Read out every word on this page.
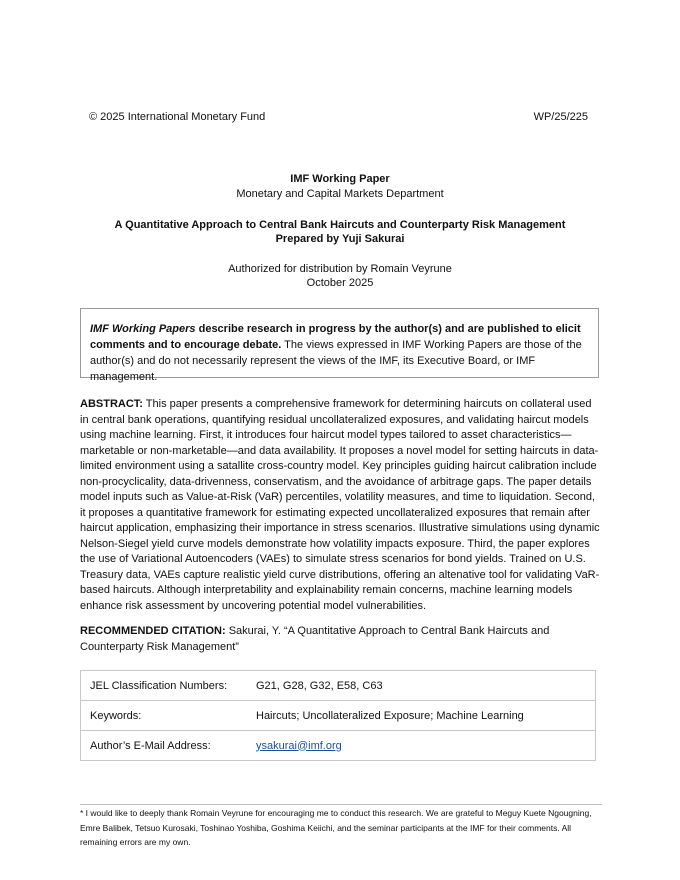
© 2025 International Monetary Fund	WP/25/225
IMF Working Paper
Monetary and Capital Markets Department
A Quantitative Approach to Central Bank Haircuts and Counterparty Risk Management
Prepared by Yuji Sakurai
Authorized for distribution by Romain Veyrune
October 2025
IMF Working Papers describe research in progress by the author(s) and are published to elicit comments and to encourage debate. The views expressed in IMF Working Papers are those of the author(s) and do not necessarily represent the views of the IMF, its Executive Board, or IMF management.
ABSTRACT: This paper presents a comprehensive framework for determining haircuts on collateral used in central bank operations, quantifying residual uncollateralized exposures, and validating haircut models using machine learning. First, it introduces four haircut model types tailored to asset characteristics—marketable or non-marketable—and data availability. It proposes a novel model for setting haircuts in data-limited environment using a satallite cross-country model. Key principles guiding haircut calibration include non-procyclicality, data-drivenness, conservatism, and the avoidance of arbitrage gaps. The paper details model inputs such as Value-at-Risk (VaR) percentiles, volatility measures, and time to liquidation. Second, it proposes a quantitative framework for estimating expected uncollateralized exposures that remain after haircut application, emphasizing their importance in stress scenarios. Illustrative simulations using dynamic Nelson-Siegel yield curve models demonstrate how volatility impacts exposure. Third, the paper explores the use of Variational Autoencoders (VAEs) to simulate stress scenarios for bond yields. Trained on U.S. Treasury data, VAEs capture realistic yield curve distributions, offering an altenative tool for validating VaR-based haircuts. Although interpretability and explainability remain concerns, machine learning models enhance risk assessment by uncovering potential model vulnerabilities.
RECOMMENDED CITATION: Sakurai, Y. “A Quantitative Approach to Central Bank Haircuts and Counterparty Risk Management”
JEL Classification Numbers:	G21, G28, G32, E58, C63
Keywords:	Haircuts; Uncollateralized Exposure; Machine Learning
Author’s E-Mail Address:	ysakurai@imf.org
* I would like to deeply thank Romain Veyrune for encouraging me to conduct this research. We are grateful to Meguy Kuete Ngougning, Emre Balibek, Tetsuo Kurosaki, Toshinao Yoshiba, Goshima Keiichi, and the seminar participants at the IMF for their comments. All remaining errors are my own.
